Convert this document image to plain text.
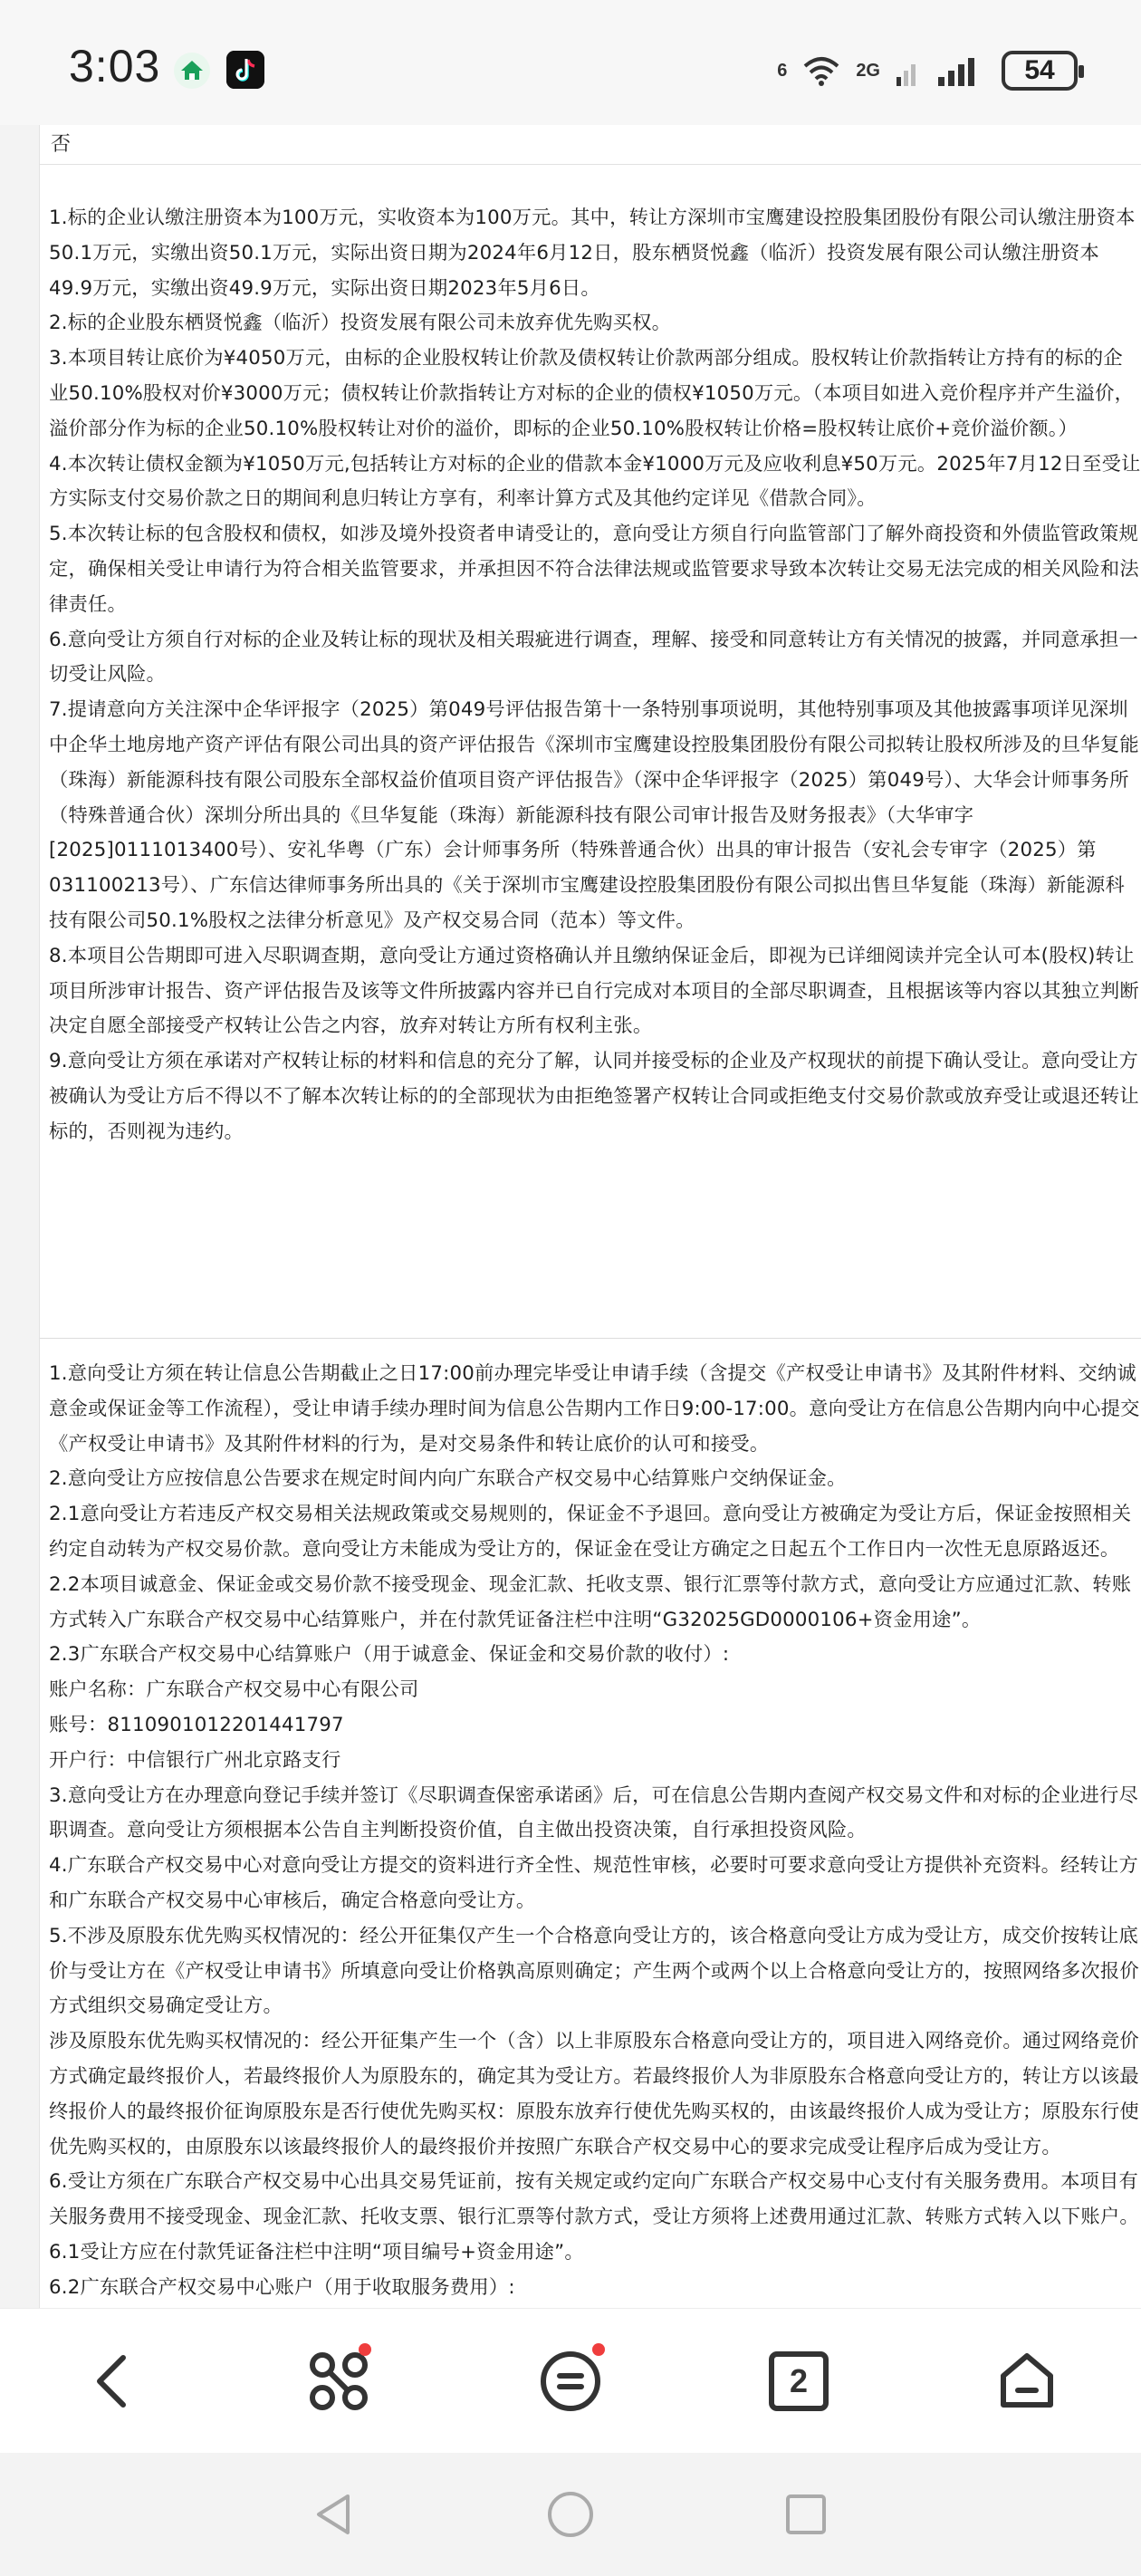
3:03	6	2G	54
否

1.标的企业认缴注册资本为100万元，实收资本为100万元。其中，转让方深圳市宝鹰建设控股集团股份有限公司认缴注册资本50.1万元，实缴出资50.1万元，实际出资日期为2024年6月12日，股东栖贤悦鑫（临沂）投资发展有限公司认缴注册资本49.9万元，实缴出资49.9万元，实际出资日期2023年5月6日。

2.标的企业股东栖贤悦鑫（临沂）投资发展有限公司未放弃优先购买权。

3.本项目转让底价为¥4050万元，由标的企业股权转让价款及债权转让价款两部分组成。股权转让价款指转让方持有的标的企业50.10%股权对价¥3000万元；债权转让价款指转让方对标的企业的债权¥1050万元。（本项目如进入竞价程序并产生溢价，溢价部分作为标的企业50.10%股权转让对价的溢价，即标的企业50.10%股权转让价格=股权转让底价+竞价溢价额。）

4.本次转让债权金额为¥1050万元,包括转让方对标的企业的借款本金¥1000万元及应收利息¥50万元。2025年7月12日至受让方实际支付交易价款之日的期间利息归转让方享有，利率计算方式及其他约定详见《借款合同》。

5.本次转让标的包含股权和债权，如涉及境外投资者申请受让的，意向受让方须自行向监管部门了解外商投资和外债监管政策规定，确保相关受让申请行为符合相关监管要求，并承担因不符合法律法规或监管要求导致本次转让交易无法完成的相关风险和法律责任。

6.意向受让方须自行对标的企业及转让标的现状及相关瑕疵进行调查，理解、接受和同意转让方有关情况的披露，并同意承担一切受让风险。

7.提请意向方关注深中企华评报字（2025）第049号评估报告第十一条特别事项说明，其他特别事项及其他披露事项详见深圳中企华土地房地产资产评估有限公司出具的资产评估报告《深圳市宝鹰建设控股集团股份有限公司拟转让股权所涉及的旦华复能（珠海）新能源科技有限公司股东全部权益价值项目资产评估报告》（深中企华评报字（2025）第049号）、大华会计师事务所（特殊普通合伙）深圳分所出具的《旦华复能（珠海）新能源科技有限公司审计报告及财务报表》（大华审字[2025]0111013400号）、安礼华粤（广东）会计师事务所（特殊普通合伙）出具的审计报告（安礼会专审字（2025）第031100213号）、广东信达律师事务所出具的《关于深圳市宝鹰建设控股集团股份有限公司拟出售旦华复能（珠海）新能源科技有限公司50.1%股权之法律分析意见》及产权交易合同（范本）等文件。

8.本项目公告期即可进入尽职调查期，意向受让方通过资格确认并且缴纳保证金后，即视为已详细阅读并完全认可本(股权)转让项目所涉审计报告、资产评估报告及该等文件所披露内容并已自行完成对本项目的全部尽职调查，且根据该等内容以其独立判断决定自愿全部接受产权转让公告之内容，放弃对转让方所有权利主张。

9.意向受让方须在承诺对产权转让标的材料和信息的充分了解，认同并接受标的企业及产权现状的前提下确认受让。意向受让方被确认为受让方后不得以不了解本次转让标的的全部现状为由拒绝签署产权转让合同或拒绝支付交易价款或放弃受让或退还转让标的，否则视为违约。

1.意向受让方须在转让信息公告期截止之日17:00前办理完毕受让申请手续（含提交《产权受让申请书》及其附件材料、交纳诚意金或保证金等工作流程），受让申请手续办理时间为信息公告期内工作日9:00-17:00。意向受让方在信息公告期内向中心提交《产权受让申请书》及其附件材料的行为，是对交易条件和转让底价的认可和接受。

2.意向受让方应按信息公告要求在规定时间内向广东联合产权交易中心结算账户交纳保证金。

2.1意向受让方若违反产权交易相关法规政策或交易规则的，保证金不予退回。意向受让方被确定为受让方后，保证金按照相关约定自动转为产权交易价款。意向受让方未能成为受让方的，保证金在受让方确定之日起五个工作日内一次性无息原路返还。

2.2本项目诚意金、保证金或交易价款不接受现金、现金汇款、托收支票、银行汇票等付款方式，意向受让方应通过汇款、转账方式转入广东联合产权交易中心结算账户，并在付款凭证备注栏中注明“G32025GD0000106+资金用途”。

2.3广东联合产权交易中心结算账户（用于诚意金、保证金和交易价款的收付）:

账户名称：广东联合产权交易中心有限公司

账号：8110901012201441797

开户行：中信银行广州北京路支行

3.意向受让方在办理意向登记手续并签订《尽职调查保密承诺函》后，可在信息公告期内查阅产权交易文件和对标的企业进行尽职调查。意向受让方须根据本公告自主判断投资价值，自主做出投资决策，自行承担投资风险。

4.广东联合产权交易中心对意向受让方提交的资料进行齐全性、规范性审核，必要时可要求意向受让方提供补充资料。经转让方和广东联合产权交易中心审核后，确定合格意向受让方。

5.不涉及原股东优先购买权情况的：经公开征集仅产生一个合格意向受让方的，该合格意向受让方成为受让方，成交价按转让底价与受让方在《产权受让申请书》所填意向受让价格孰高原则确定；产生两个或两个以上合格意向受让方的，按照网络多次报价方式组织交易确定受让方。

涉及原股东优先购买权情况的：经公开征集产生一个（含）以上非原股东合格意向受让方的，项目进入网络竞价。通过网络竞价方式确定最终报价人，若最终报价人为原股东的，确定其为受让方。若最终报价人为非原股东合格意向受让方的，转让方以该最终报价人的最终报价征询原股东是否行使优先购买权：原股东放弃行使优先购买权的，由该最终报价人成为受让方；原股东行使优先购买权的，由原股东以该最终报价人的最终报价并按照广东联合产权交易中心的要求完成受让程序后成为受让方。

6.受让方须在广东联合产权交易中心出具交易凭证前，按有关规定或约定向广东联合产权交易中心支付有关服务费用。本项目有关服务费用不接受现金、现金汇款、托收支票、银行汇票等付款方式，受让方须将上述费用通过汇款、转账方式转入以下账户。

6.1受让方应在付款凭证备注栏中注明“项目编号+资金用途”。

6.2广东联合产权交易中心账户（用于收取服务费用）:

2
